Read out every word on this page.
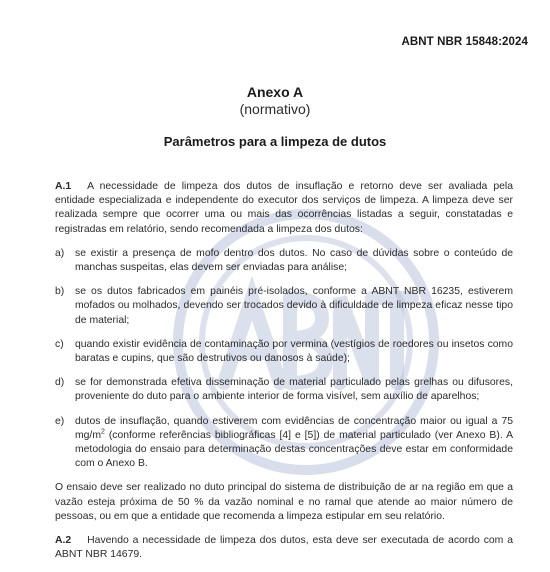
ABNT NBR 15848:2024
Anexo A
(normativo)
Parâmetros para a limpeza de dutos

A.1 A necessidade de limpeza dos dutos de insuflação e retorno deve ser avaliada pela entidade especializada e independente do executor dos serviços de limpeza. A limpeza deve ser realizada sempre que ocorrer uma ou mais das ocorrências listadas a seguir, constatadas e registradas em relatório, sendo recomendada a limpeza dos dutos:

a)	se existir a presença de mofo dentro dos dutos. No caso de dúvidas sobre o conteúdo de manchas suspeitas, elas devem ser enviadas para análise;
b)	se os dutos fabricados em painéis pré-isolados, conforme a ABNT NBR 16235, estiverem mofados ou molhados, devendo ser trocados devido à dificuldade de limpeza eficaz nesse tipo de material;
c)	quando existir evidência de contaminação por vermina (vestígios de roedores ou insetos como baratas e cupins, que são destrutivos ou danosos à saúde);
d)	se for demonstrada efetiva disseminação de material particulado pelas grelhas ou difusores, proveniente do duto para o ambiente interior de forma visível, sem auxílio de aparelhos;
e)	dutos de insuflação, quando estiverem com evidências de concentração maior ou igual a 75 $mg/m^2$ (conforme referências bibliográficas [4] e [5]) de material particulado (ver Anexo B). A metodologia do ensaio para determinação destas concentrações deve estar em conformidade com o Anexo B.

O ensaio deve ser realizado no duto principal do sistema de distribuição de ar na região em que a vazão esteja próxima de 50 % da vazão nominal e no ramal que atende ao maior número de pessoas, ou em que a entidade que recomenda a limpeza estipular em seu relatório.

A.2 Havendo a necessidade de limpeza dos dutos, esta deve ser executada de acordo com a ABNT NBR 14679.
